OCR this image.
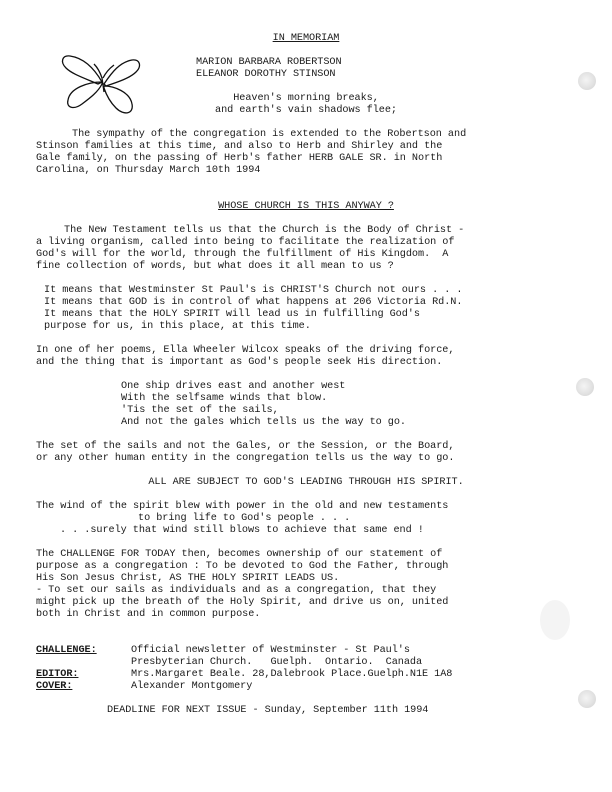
IN MEMORIAM
MARION BARBARA ROBERTSON
ELEANOR DOROTHY STINSON
Heaven's morning breaks,
and earth's vain shadows flee;
The sympathy of the congregation is extended to the Robertson and
Stinson families at this time, and also to Herb and Shirley and the
Gale family, on the passing of Herb's father HERB GALE SR. in North
Carolina, on Thursday March 10th 1994
WHOSE CHURCH IS THIS ANYWAY ?
The New Testament tells us that the Church is the Body of Christ -
a living organism, called into being to facilitate the realization of
God's will for the world, through the fulfillment of His Kingdom.  A
fine collection of words, but what does it all mean to us ?
It means that Westminster St Paul's is CHRIST'S Church not ours . . .
It means that GOD is in control of what happens at 206 Victoria Rd.N.
It means that the HOLY SPIRIT will lead us in fulfilling God's
purpose for us, in this place, at this time.
In one of her poems, Ella Wheeler Wilcox speaks of the driving force,
and the thing that is important as God's people seek His direction.
One ship drives east and another west
With the selfsame winds that blow.
'Tis the set of the sails,
And not the gales which tells us the way to go.
The set of the sails and not the Gales, or the Session, or the Board,
or any other human entity in the congregation tells us the way to go.
ALL ARE SUBJECT TO GOD'S LEADING THROUGH HIS SPIRIT.
The wind of the spirit blew with power in the old and new testaments
to bring life to God's people . . .
. . .surely that wind still blows to achieve that same end !
The CHALLENGE FOR TODAY then, becomes ownership of our statement of
purpose as a congregation : To be devoted to God the Father, through
His Son Jesus Christ, AS THE HOLY SPIRIT LEADS US.
- To set our sails as individuals and as a congregation, that they
might pick up the breath of the Holy Spirit, and drive us on, united
both in Christ and in common purpose.
CHALLENGE:	Official newsletter of Westminster - St Paul's
Presbyterian Church.   Guelph.  Ontario.  Canada
EDITOR:	Mrs.Margaret Beale. 28,Dalebrook Place.Guelph.N1E 1A8
COVER:	Alexander Montgomery
DEADLINE FOR NEXT ISSUE - Sunday, September 11th 1994
